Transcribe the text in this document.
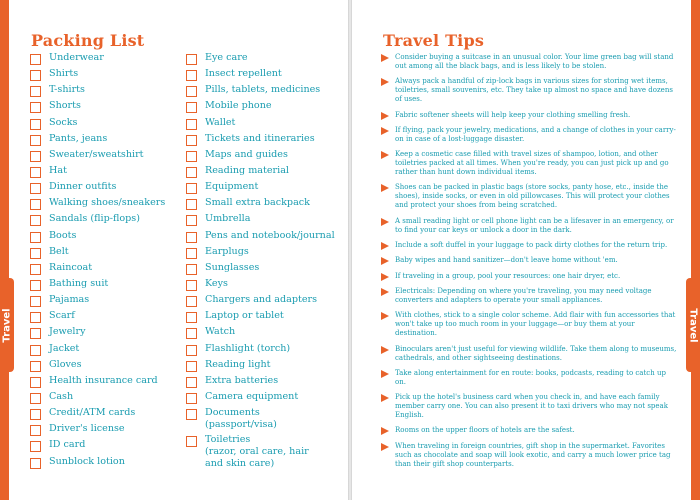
Travel	Travel
Packing List	Travel Tips
Underwear
Shirts
T-shirts
Shorts
Socks
Pants, jeans
Sweater/sweatshirt
Hat
Dinner outfits
Walking shoes/sneakers
Sandals (flip-flops)
Boots
Belt
Raincoat
Bathing suit
Pajamas
Scarf
Jewelry
Jacket
Gloves
Health insurance card
Cash
Credit/ATM cards
Driver's license
ID card
Sunblock lotion
Eye care
Insect repellent
Pills, tablets, medicines
Mobile phone
Wallet
Tickets and itineraries
Maps and guides
Reading material
Equipment
Small extra backpack
Umbrella
Pens and notebook/journal
Earplugs
Sunglasses
Keys
Chargers and adapters
Laptop or tablet
Watch
Flashlight (torch)
Reading light
Extra batteries
Camera equipment
Documents
(passport/visa)
Toiletries
(razor, oral care, hair
and skin care)
Consider buying a suitcase in an unusual color. Your lime green bag will stand out among all the black bags, and is less likely to be stolen.
Always pack a handful of zip-lock bags in various sizes for storing wet items, toiletries, small souvenirs, etc. They take up almost no space and have dozens of uses.
Fabric softener sheets will help keep your clothing smelling fresh.
If flying, pack your jewelry, medications, and a change of clothes in your carry-on in case of a lost-luggage disaster.
Keep a cosmetic case filled with travel sizes of shampoo, lotion, and other toiletries packed at all times. When you're ready, you can just pick up and go rather than hunt down individual items.
Shoes can be packed in plastic bags (store socks, panty hose, etc., inside the shoes), inside socks, or even in old pillowcases. This will protect your clothes and protect your shoes from being scratched.
A small reading light or cell phone light can be a lifesaver in an emergency, or to find your car keys or unlock a door in the dark.
Include a soft duffel in your luggage to pack dirty clothes for the return trip.
Baby wipes and hand sanitizer—don't leave home without 'em.
If traveling in a group, pool your resources: one hair dryer, etc.
Electricals: Depending on where you're traveling, you may need voltage converters and adapters to operate your small appliances.
With clothes, stick to a single color scheme. Add flair with fun accessories that won't take up too much room in your luggage—or buy them at your destination.
Binoculars aren't just useful for viewing wildlife. Take them along to museums, cathedrals, and other sightseeing destinations.
Take along entertainment for en route: books, podcasts, reading to catch up on.
Pick up the hotel's business card when you check in, and have each family member carry one. You can also present it to taxi drivers who may not speak English.
Rooms on the upper floors of hotels are the safest.
When traveling in foreign countries, gift shop in the supermarket. Favorites such as chocolate and soap will look exotic, and carry a much lower price tag than their gift shop counterparts.
